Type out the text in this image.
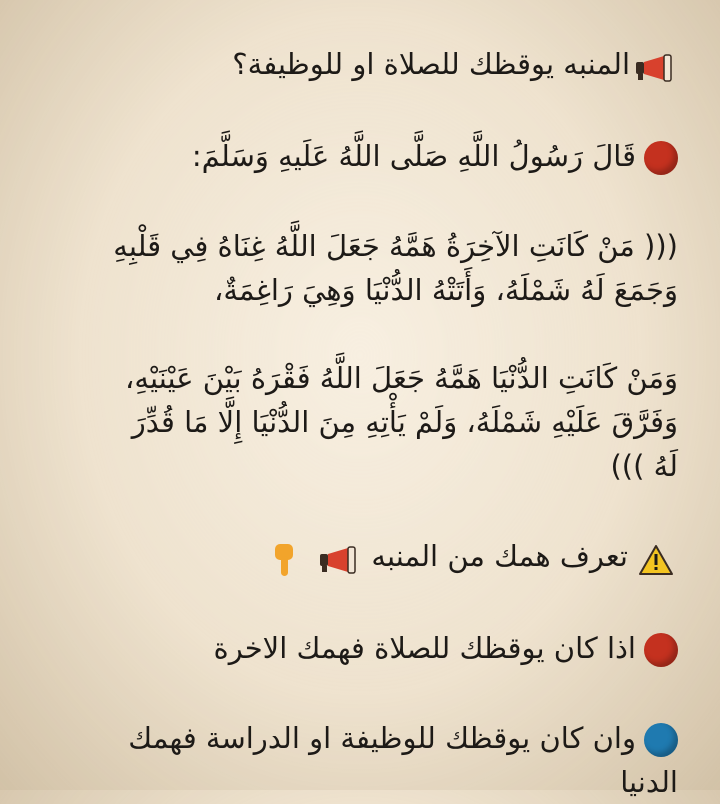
المنبه يوقظك للصلاة او للوظيفة؟

قَالَ رَسُولُ اللَّهِ صَلَّى اللَّهُ عَلَيهِ وَسَلَّمَ:

((( مَنْ كَانَتِ الآخِرَةُ هَمَّهُ جَعَلَ اللَّهُ غِنَاهُ فِي قَلْبِهِ

وَجَمَعَ لَهُ شَمْلَهُ، وَأَتَتْهُ الدُّنْيَا وَهِيَ رَاغِمَةٌ،

وَمَنْ كَانَتِ الدُّنْيَا هَمَّهُ جَعَلَ اللَّهُ فَقْرَهُ بَيْنَ عَيْنَيْهِ،

وَفَرَّقَ عَلَيْهِ شَمْلَهُ، وَلَمْ يَأْتِهِ مِنَ الدُّنْيَا إِلَّا مَا قُدِّرَ

لَهُ )))

تعرف همك من المنبه

اذا كان يوقظك للصلاة فهمك الاخرة

وان كان يوقظك للوظيفة او الدراسة فهمك

الدنيا
